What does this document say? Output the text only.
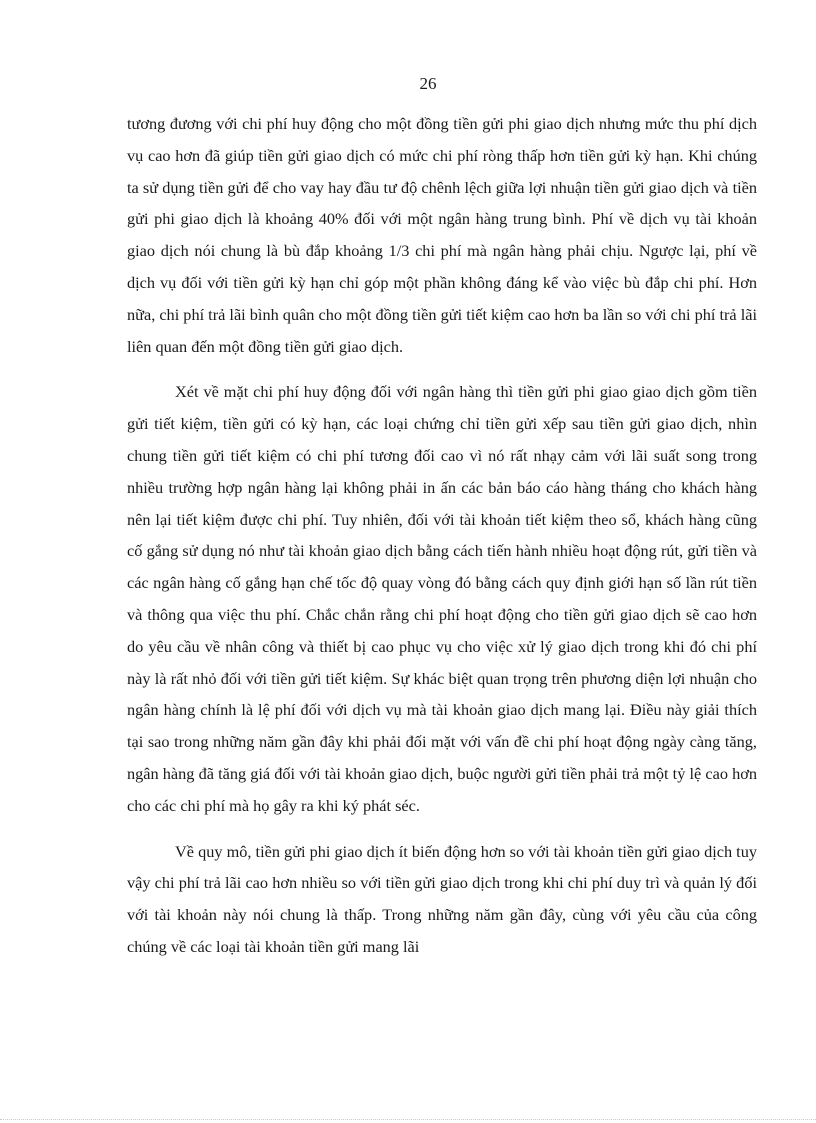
26

tương đương với chi phí huy động cho một đồng tiền gửi phi giao dịch nhưng mức thu phí dịch vụ cao hơn đã giúp tiền gửi giao dịch có mức chi phí ròng thấp hơn tiền gửi kỳ hạn. Khi chúng ta sử dụng tiền gửi để cho vay hay đầu tư độ chênh lệch giữa lợi nhuận tiền gửi giao dịch và tiền gửi phi giao dịch là khoảng 40% đối với một ngân hàng trung bình. Phí về dịch vụ tài khoản giao dịch nói chung là bù đắp khoảng 1/3 chi phí mà ngân hàng phải chịu. Ngược lại, phí về dịch vụ đối với tiền gửi kỳ hạn chỉ góp một phần không đáng kể vào việc bù đắp chi phí. Hơn nữa, chi phí trả lãi bình quân cho một đồng tiền gửi tiết kiệm cao hơn ba lần so với chi phí trả lãi liên quan đến một đồng tiền gửi giao dịch.

Xét về mặt chi phí huy động đối với ngân hàng thì tiền gửi phi giao giao dịch gồm tiền gửi tiết kiệm, tiền gửi có kỳ hạn, các loại chứng chỉ tiền gửi xếp sau tiền gửi giao dịch, nhìn chung tiền gửi tiết kiệm có chi phí tương đối cao vì nó rất nhạy cảm với lãi suất song trong nhiều trường hợp ngân hàng lại không phải in ấn các bản báo cáo hàng tháng cho khách hàng nên lại tiết kiệm được chi phí. Tuy nhiên, đối với tài khoản tiết kiệm theo sổ, khách hàng cũng cố gắng sử dụng nó như tài khoản giao dịch bằng cách tiến hành nhiều hoạt động rút, gửi tiền và các ngân hàng cố gắng hạn chế tốc độ quay vòng đó bằng cách quy định giới hạn số lần rút tiền và thông qua việc thu phí. Chắc chắn rằng chi phí hoạt động cho tiền gửi giao dịch sẽ cao hơn do yêu cầu về nhân công và thiết bị cao phục vụ cho việc xử lý giao dịch trong khi đó chi phí này là rất nhỏ đối với tiền gửi tiết kiệm. Sự khác biệt quan trọng trên phương diện lợi nhuận cho ngân hàng chính là lệ phí đối với dịch vụ mà tài khoản giao dịch mang lại. Điều này giải thích tại sao trong những năm gần đây khi phải đối mặt với vấn đề chi phí hoạt động ngày càng tăng, ngân hàng đã tăng giá đối với tài khoản giao dịch, buộc người gửi tiền phải trả một tỷ lệ cao hơn cho các chi phí mà họ gây ra khi ký phát séc.

Về quy mô, tiền gửi phi giao dịch ít biến động hơn so với tài khoản tiền gửi giao dịch tuy vậy chi phí trả lãi cao hơn nhiều so với tiền gửi giao dịch trong khi chi phí duy trì và quản lý đối với tài khoản này nói chung là thấp. Trong những năm gần đây, cùng với yêu cầu của công chúng về các loại tài khoản tiền gửi mang lãi
